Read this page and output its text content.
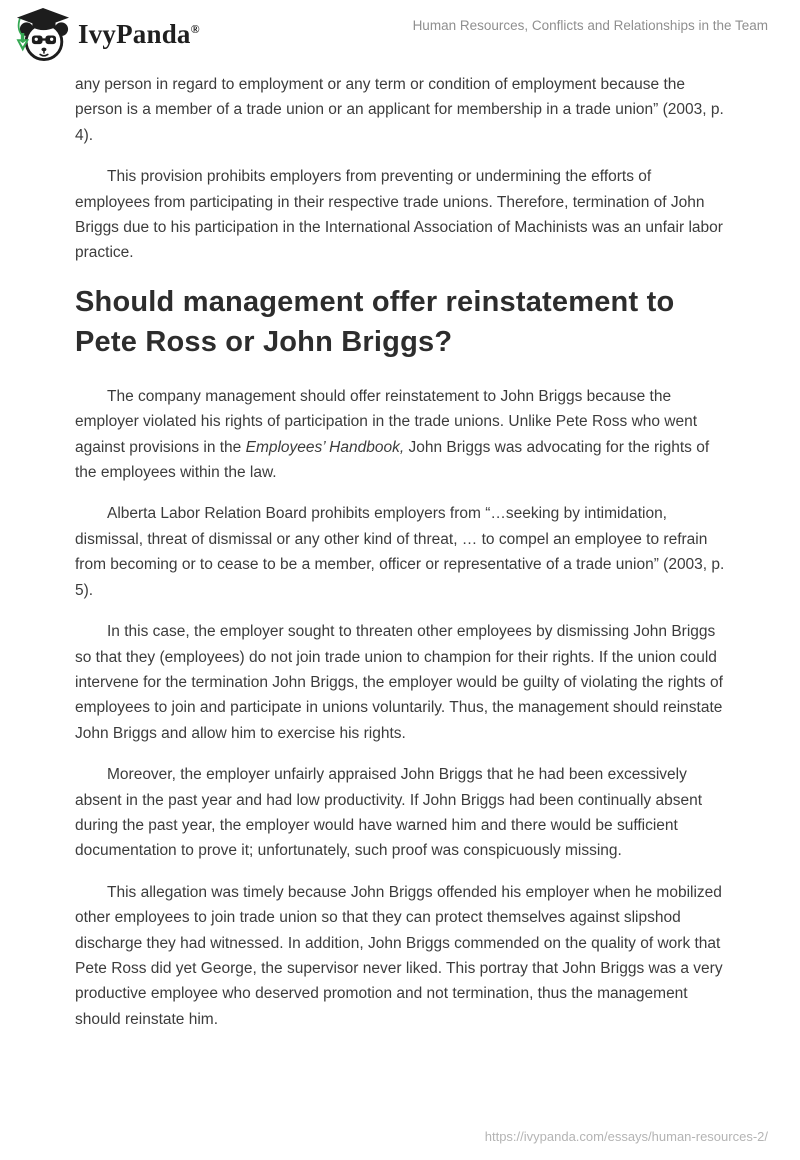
IvyPanda®	Human Resources, Conflicts and Relationships in the Team

any person in regard to employment or any term or condition of employment because the person is a member of a trade union or an applicant for membership in a trade union” (2003, p. 4).

This provision prohibits employers from preventing or undermining the efforts of employees from participating in their respective trade unions. Therefore, termination of John Briggs due to his participation in the International Association of Machinists was an unfair labor practice.

Should management offer reinstatement to Pete Ross or John Briggs?

The company management should offer reinstatement to John Briggs because the employer violated his rights of participation in the trade unions. Unlike Pete Ross who went against provisions in the Employees’ Handbook, John Briggs was advocating for the rights of the employees within the law.

Alberta Labor Relation Board prohibits employers from “…seeking by intimidation, dismissal, threat of dismissal or any other kind of threat, … to compel an employee to refrain from becoming or to cease to be a member, officer or representative of a trade union” (2003, p. 5).

In this case, the employer sought to threaten other employees by dismissing John Briggs so that they (employees) do not join trade union to champion for their rights. If the union could intervene for the termination John Briggs, the employer would be guilty of violating the rights of employees to join and participate in unions voluntarily. Thus, the management should reinstate John Briggs and allow him to exercise his rights.

Moreover, the employer unfairly appraised John Briggs that he had been excessively absent in the past year and had low productivity. If John Briggs had been continually absent during the past year, the employer would have warned him and there would be sufficient documentation to prove it; unfortunately, such proof was conspicuously missing.

This allegation was timely because John Briggs offended his employer when he mobilized other employees to join trade union so that they can protect themselves against slipshod discharge they had witnessed. In addition, John Briggs commended on the quality of work that Pete Ross did yet George, the supervisor never liked. This portray that John Briggs was a very productive employee who deserved promotion and not termination, thus the management should reinstate him.

https://ivypanda.com/essays/human-resources-2/
